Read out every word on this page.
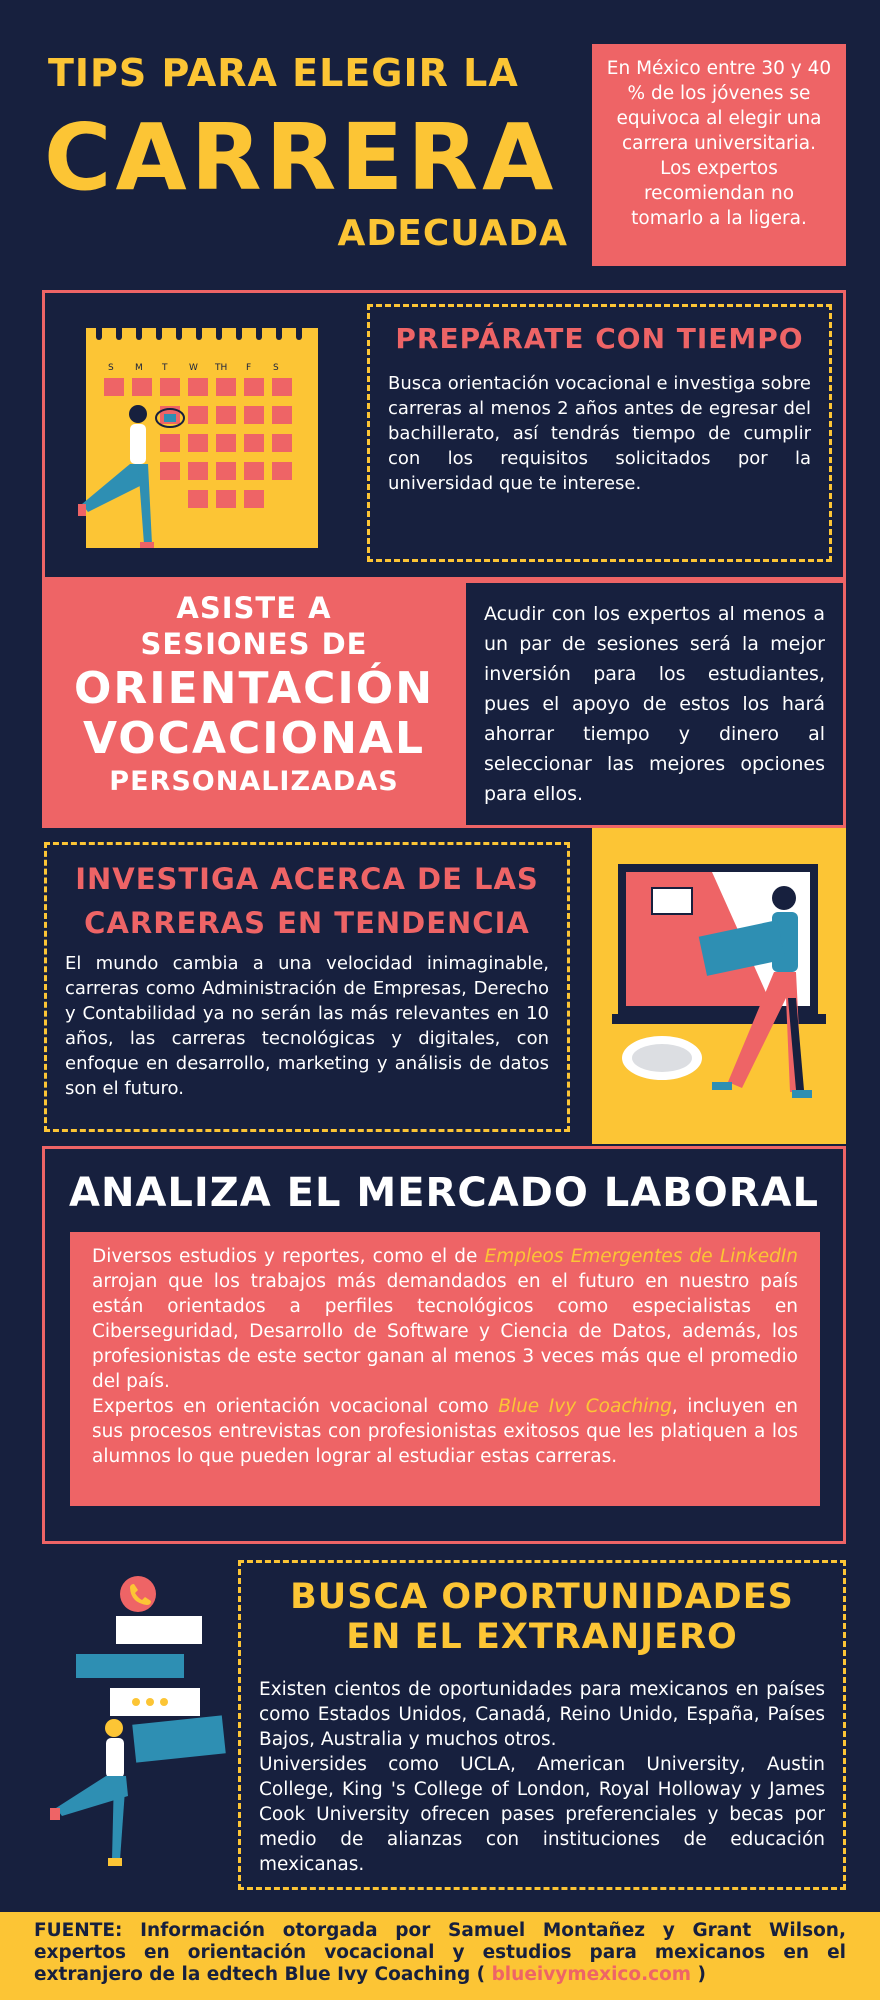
TIPS PARA ELEGIR LA
CARRERA
ADECUADA
En México entre 30 y 40 % de los jóvenes se equivoca al elegir una carrera universitaria. Los expertos recomiendan no tomarlo a la ligera.
S M T W TH F S
PREPÁRATE CON TIEMPO
Busca orientación vocacional e investiga sobre carreras al menos 2 años antes de egresar del bachillerato, así tendrás tiempo de cumplir con los requisitos solicitados por la universidad que te interese.
ASISTE A
SESIONES DE
ORIENTACIÓN
VOCACIONAL
PERSONALIZADAS
Acudir con los expertos al menos a un par de sesiones será la mejor inversión para los estudiantes, pues el apoyo de estos los hará ahorrar tiempo y dinero al seleccionar las mejores opciones para ellos.
INVESTIGA ACERCA DE LAS
CARRERAS EN TENDENCIA
El mundo cambia a una velocidad inimaginable, carreras como Administración de Empresas, Derecho y Contabilidad ya no serán las más relevantes en 10 años, las carreras tecnológicas y digitales, con enfoque en desarrollo, marketing y análisis de datos son el futuro.
ANALIZA EL MERCADO LABORAL

Diversos estudios y reportes, como el de Empleos Emergentes de LinkedIn arrojan que los trabajos más demandados en el futuro en nuestro país están orientados a perfiles tecnológicos como especialistas en Ciberseguridad, Desarrollo de Software y Ciencia de Datos, además, los profesionistas de este sector ganan al menos 3 veces más que el promedio del país.

Expertos en orientación vocacional como Blue Ivy Coaching, incluyen en sus procesos entrevistas con profesionistas exitosos que les platiquen a los alumnos lo que pueden lograr al estudiar estas carreras.

BUSCA OPORTUNIDADES
EN EL EXTRANJERO

Existen cientos de oportunidades para mexicanos en países como Estados Unidos, Canadá, Reino Unido, España, Países Bajos, Australia y muchos otros.

Universides como UCLA, American University, Austin College, King 's College of London, Royal Holloway y James Cook University ofrecen pases preferenciales y becas por medio de alianzas con instituciones de educación mexicanas.

FUENTE: Información otorgada por Samuel Montañez y Grant Wilson, expertos en orientación vocacional y estudios para mexicanos en el extranjero de la edtech Blue Ivy Coaching ( blueivymexico.com )
